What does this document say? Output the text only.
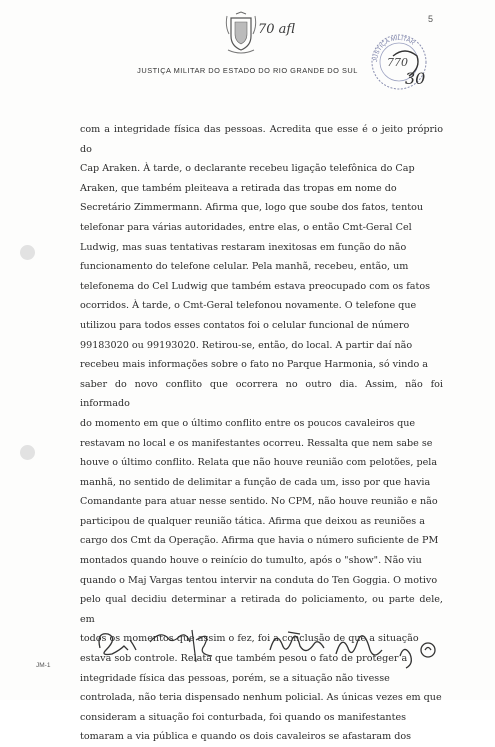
70 afl
5
JUSTIÇA MILITAR DO ESTADO DO RIO GRANDE DO SUL
JUSTIÇA MILITAR
770
30

com a integridade física das pessoas. Acredita que esse é o jeito próprio do

Cap Araken. À tarde, o declarante recebeu ligação telefônica do Cap

Araken, que também pleiteava a retirada das tropas em nome do

Secretário Zimmermann. Afirma que, logo que soube dos fatos, tentou

telefonar para várias autoridades, entre elas, o então Cmt-Geral Cel

Ludwig, mas suas tentativas restaram inexitosas em função do não

funcionamento do telefone celular. Pela manhã, recebeu, então, um

telefonema do Cel Ludwig que também estava preocupado com os fatos

ocorridos. À tarde, o Cmt-Geral telefonou novamente. O telefone que

utilizou para todos esses contatos foi o celular funcional de número

99183020 ou 99193020. Retirou-se, então, do local. A partir daí não

recebeu mais informações sobre o fato no Parque Harmonia, só vindo a

saber do novo conflito que ocorrera no outro dia. Assim, não foi informado

do momento em que o último conflito entre os poucos cavaleiros que

restavam no local e os manifestantes ocorreu. Ressalta que nem sabe se

houve o último conflito. Relata que não houve reunião com pelotões, pela

manhã, no sentido de delimitar a função de cada um, isso por que havia

Comandante para atuar nesse sentido. No CPM, não houve reunião e não

participou de qualquer reunião tática. Afirma que deixou as reuniões a

cargo dos Cmt da Operação. Afirma que havia o número suficiente de PM

montados quando houve o reinício do tumulto, após o "show". Não viu

quando o Maj Vargas tentou intervir na conduta do Ten Goggia. O motivo

pelo qual decidiu determinar a retirada do policiamento, ou parte dele, em

todos os momentos que assim o fez, foi a conclusão de que a situação

estava sob controle. Relata que também pesou o fato de proteger a

integridade física das pessoas, porém, se a situação não tivesse

controlada, não teria dispensado nenhum policial. As únicas vezes em que

consideram a situação foi conturbada, foi quando os manifestantes

tomaram a via pública e quando os dois cavaleiros se afastaram dos

JM-1
